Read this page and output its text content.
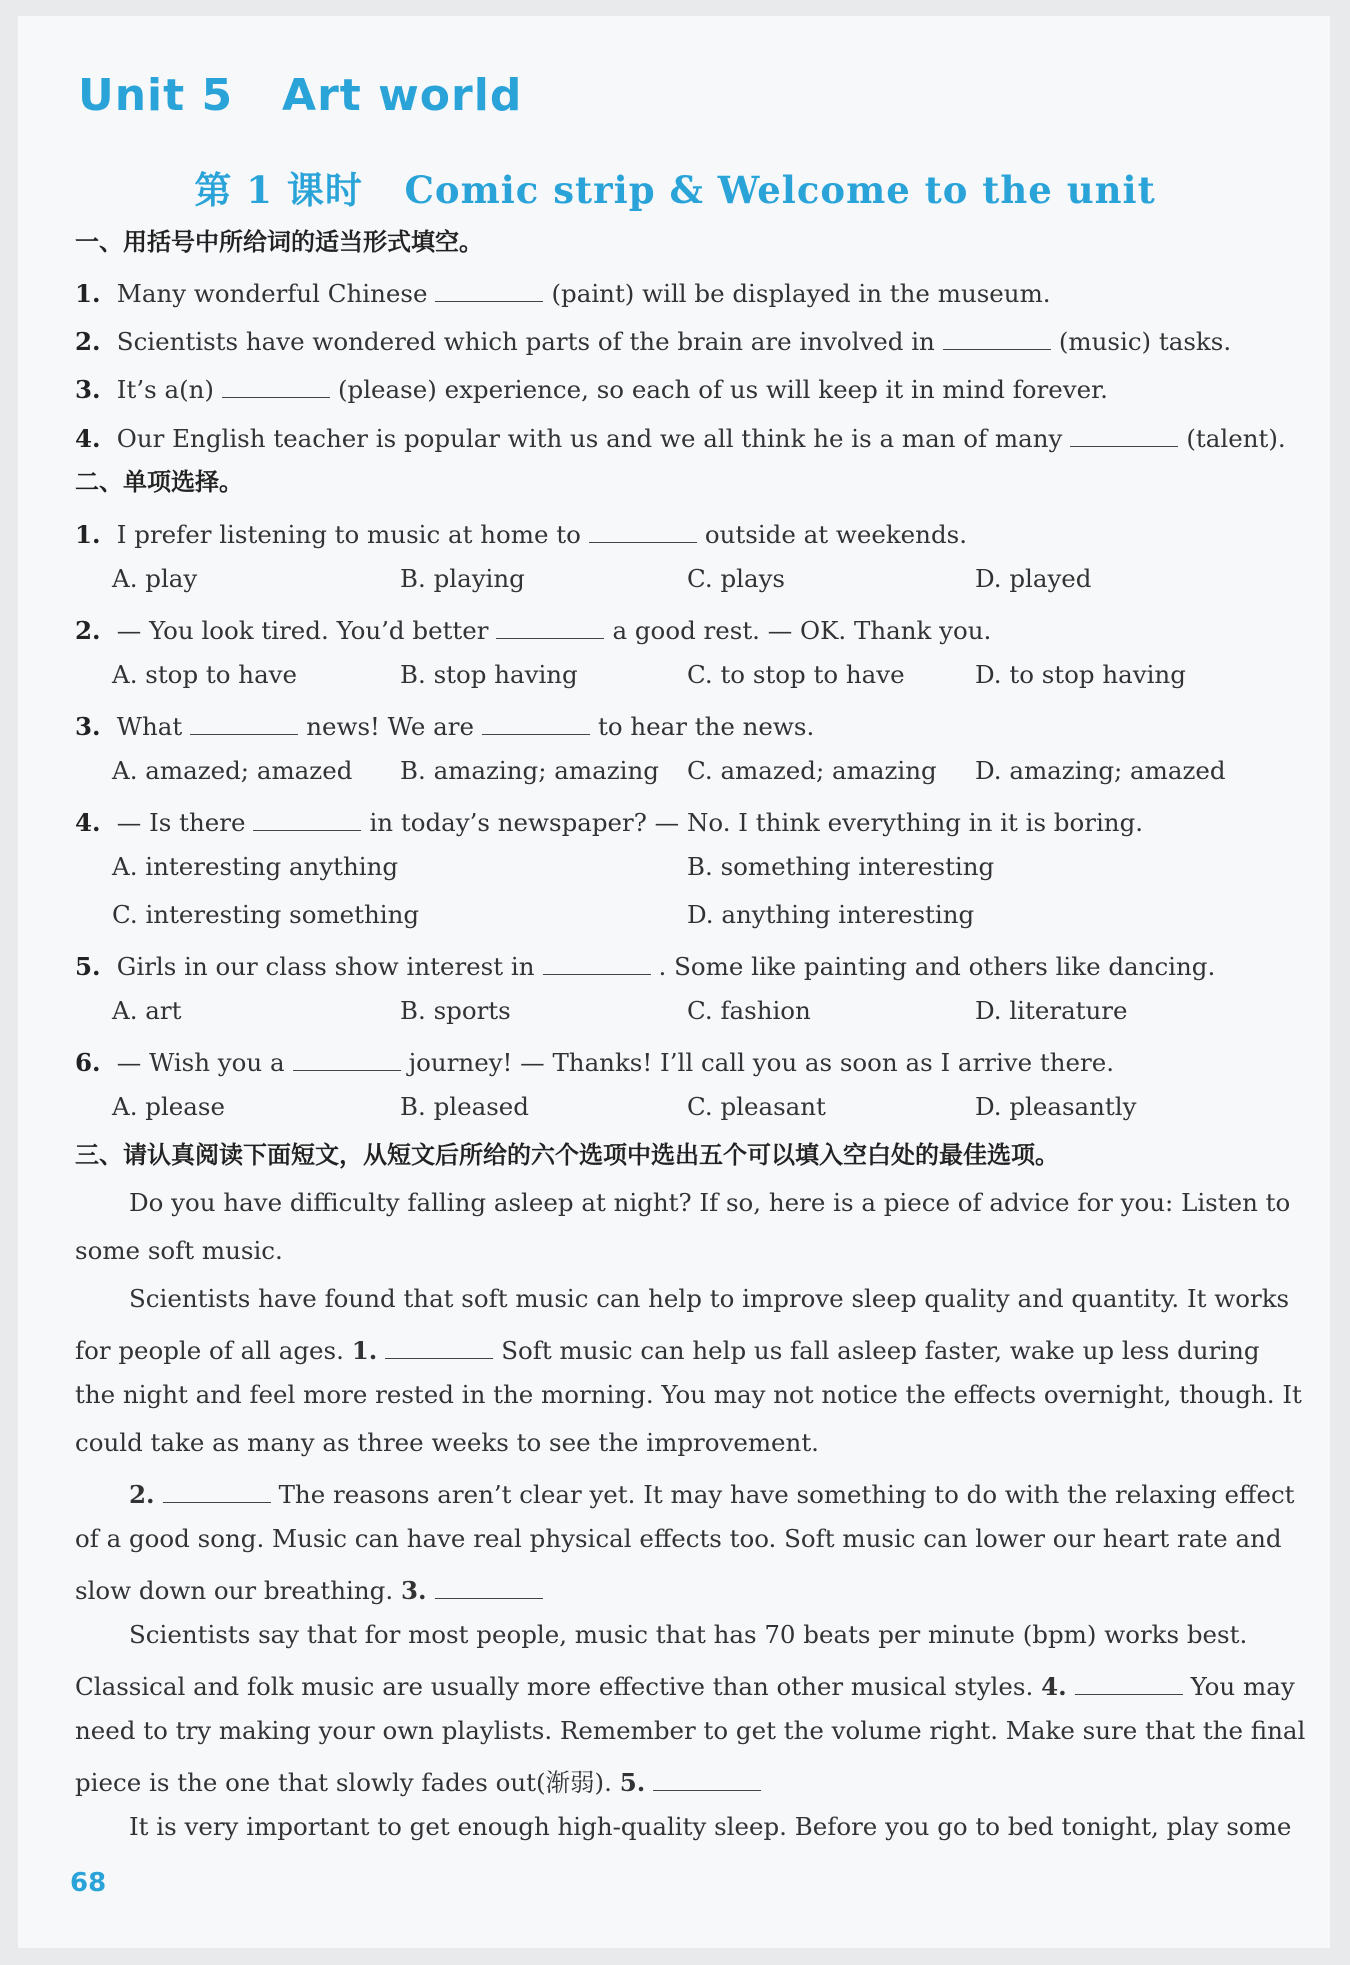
Unit 5   Art world
第 1 课时   Comic strip & Welcome to the unit
一、用括号中所给词的适当形式填空。
1. Many wonderful Chinese	(paint) will be displayed in the museum.
2. Scientists have wondered which parts of the brain are involved in	(music) tasks.
3. It’s a(n)	(please) experience, so each of us will keep it in mind forever.
4. Our English teacher is popular with us and we all think he is a man of many	(talent).
二、单项选择。
1. I prefer listening to music at home to	outside at weekends.
A. play	B. playing	C. plays	D. played
2. — You look tired. You’d better	a good rest. — OK. Thank you.
A. stop to have	B. stop having	C. to stop to have	D. to stop having
3. What	news! We are	to hear the news.
A. amazed; amazed B. amazing; amazing C. amazed; amazing D. amazing; amazed
4. — Is there	in today’s newspaper? — No. I think everything in it is boring.
A. interesting anything	B. something interesting
C. interesting something	D. anything interesting
5. Girls in our class show interest in	. Some like painting and others like dancing.
A. art	B. sports	C. fashion	D. literature
6. — Wish you a	journey! — Thanks! I’ll call you as soon as I arrive there.
A. please	B. pleased	C. pleasant	D. pleasantly
三、请认真阅读下面短文，从短文后所给的六个选项中选出五个可以填入空白处的最佳选项。
Do you have difficulty falling asleep at night? If so, here is a piece of advice for you: Listen to
some soft music.
Scientists have found that soft music can help to improve sleep quality and quantity. It works
for people of all ages. 1.	Soft music can help us fall asleep faster, wake up less during
the night and feel more rested in the morning. You may not notice the effects overnight, though. It
could take as many as three weeks to see the improvement.
2.	The reasons aren’t clear yet. It may have something to do with the relaxing effect
of a good song. Music can have real physical effects too. Soft music can lower our heart rate and
slow down our breathing. 3.
Scientists say that for most people, music that has 70 beats per minute (bpm) works best.
Classical and folk music are usually more effective than other musical styles. 4.	You may
need to try making your own playlists. Remember to get the volume right. Make sure that the final
piece is the one that slowly fades out(渐弱). 5.
It is very important to get enough high-quality sleep. Before you go to bed tonight, play some
68
